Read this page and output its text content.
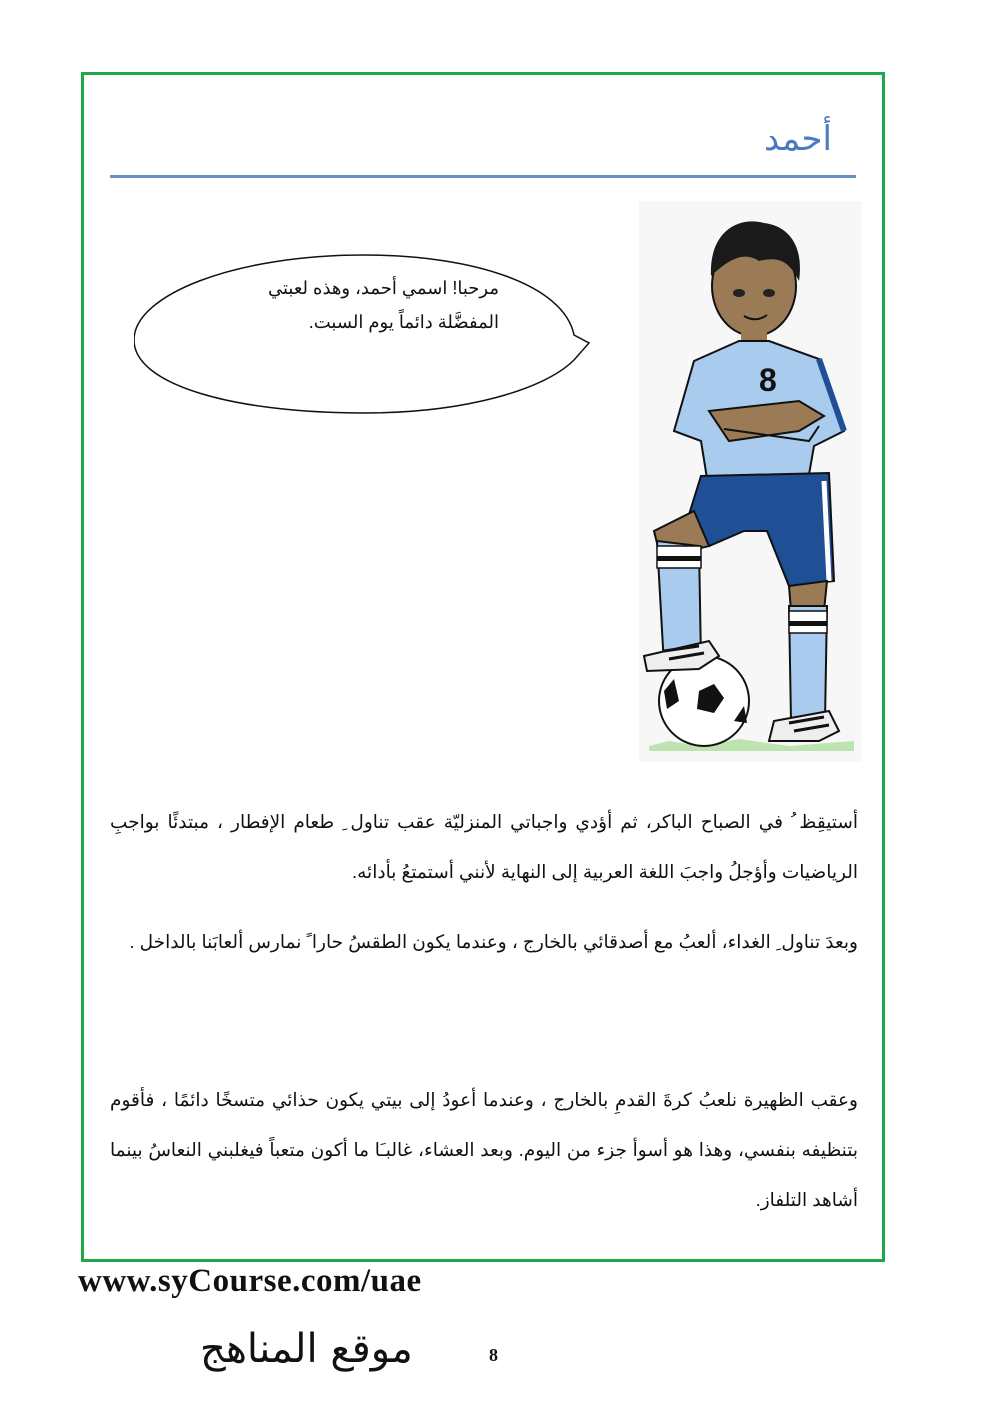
أحمد
مرحبا! اسمي أحمد، وهذه لعبتي المفضَّلة دائماً يوم السبت.
8

أستيقِظ ُ في الصباح الباكر، ثم أؤدي واجباتي المنزليّة عقب تناول ِ طعام الإفطار ، مبتدئًا بواجبِ الرياضيات وأؤجلُ واجبَ اللغة العربية إلى النهاية لأنني أستمتعُ بأدائه.

وبعدَ تناول ِ الغداء، ألعبُ مع أصدقائي بالخارج ، وعندما يكون الطقسُ حارا ً نمارس ألعابَنا بالداخل .

وعقب الظهيرة نلعبُ كرةَ القدمِ بالخارج ، وعندما أعودُ إلى بيتي يكون حذائي متسخًا دائمًا ، فأقوم بتنظيفه بنفسي، وهذا هو أسوأ جزء من اليوم. وبعد العشاء، غالبـَا ما أكون متعباً فيغلبني النعاسُ بينما أشاهد التلفاز.

www.syCourse.com/uae
موقع المناهج	8
